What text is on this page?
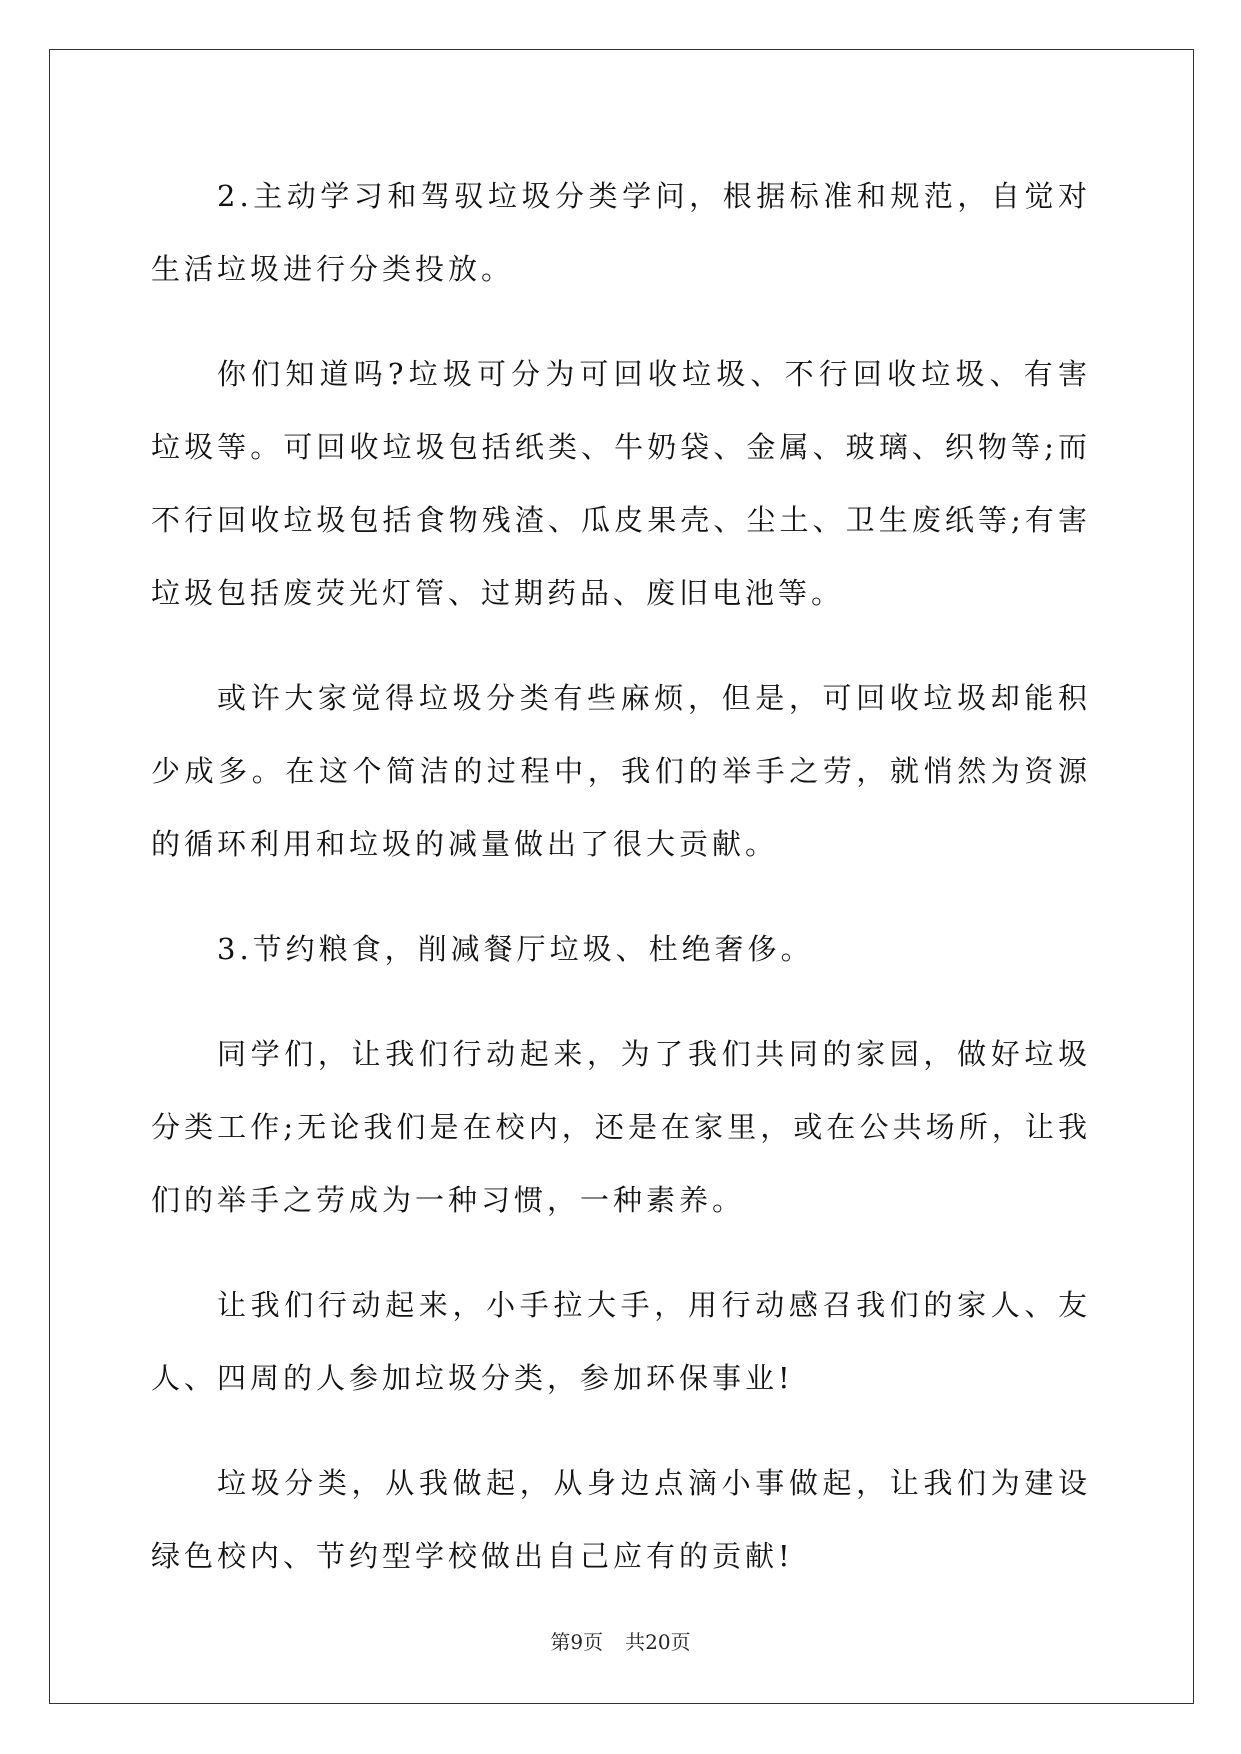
2.主动学习和驾驭垃圾分类学问，根据标准和规范，自觉对生活垃圾进行分类投放。

你们知道吗?垃圾可分为可回收垃圾、不行回收垃圾、有害垃圾等。可回收垃圾包括纸类、牛奶袋、金属、玻璃、织物等;而不行回收垃圾包括食物残渣、瓜皮果壳、尘土、卫生废纸等;有害垃圾包括废荧光灯管、过期药品、废旧电池等。

或许大家觉得垃圾分类有些麻烦，但是，可回收垃圾却能积少成多。在这个简洁的过程中，我们的举手之劳，就悄然为资源的循环利用和垃圾的减量做出了很大贡献。

3.节约粮食，削减餐厅垃圾、杜绝奢侈。

同学们，让我们行动起来，为了我们共同的家园，做好垃圾分类工作;无论我们是在校内，还是在家里，或在公共场所，让我们的举手之劳成为一种习惯，一种素养。

让我们行动起来，小手拉大手，用行动感召我们的家人、友人、四周的人参加垃圾分类，参加环保事业!

垃圾分类，从我做起，从身边点滴小事做起，让我们为建设绿色校内、节约型学校做出自己应有的贡献!

第9页 共20页
